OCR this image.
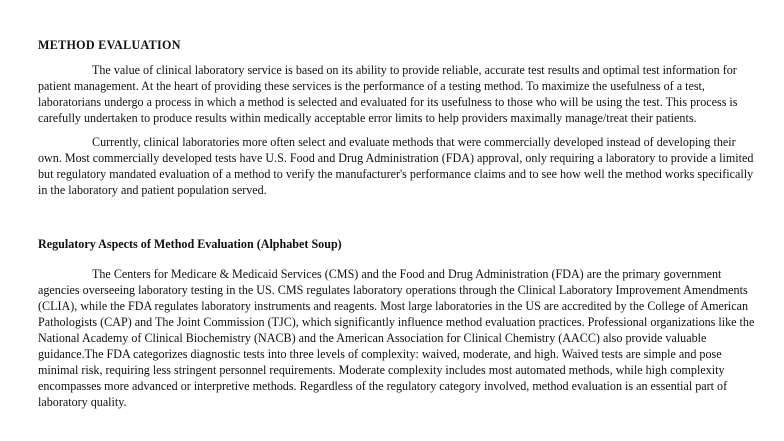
METHOD EVALUATION

The value of clinical laboratory service is based on its ability to provide reliable, accurate test results and optimal test information for patient management. At the heart of providing these services is the performance of a testing method. To maximize the usefulness of a test, laboratorians undergo a process in which a method is selected and evaluated for its usefulness to those who will be using the test. This process is carefully undertaken to produce results within medically acceptable error limits to help providers maximally manage/treat their patients.

Currently, clinical laboratories more often select and evaluate methods that were commercially developed instead of developing their own. Most commercially developed tests have U.S. Food and Drug Administration (FDA) approval, only requiring a laboratory to provide a limited but regulatory mandated evaluation of a method to verify the manufacturer's performance claims and to see how well the method works specifically in the laboratory and patient population served.

Regulatory Aspects of Method Evaluation (Alphabet Soup)

The Centers for Medicare & Medicaid Services (CMS) and the Food and Drug Administration (FDA) are the primary government agencies overseeing laboratory testing in the US. CMS regulates laboratory operations through the Clinical Laboratory Improvement Amendments (CLIA), while the FDA regulates laboratory instruments and reagents. Most large laboratories in the US are accredited by the College of American Pathologists (CAP) and The Joint Commission (TJC), which significantly influence method evaluation practices. Professional organizations like the National Academy of Clinical Biochemistry (NACB) and the American Association for Clinical Chemistry (AACC) also provide valuable guidance.The FDA categorizes diagnostic tests into three levels of complexity: waived, moderate, and high. Waived tests are simple and pose minimal risk, requiring less stringent personnel requirements. Moderate complexity includes most automated methods, while high complexity encompasses more advanced or interpretive methods. Regardless of the regulatory category involved, method evaluation is an essential part of laboratory quality.
